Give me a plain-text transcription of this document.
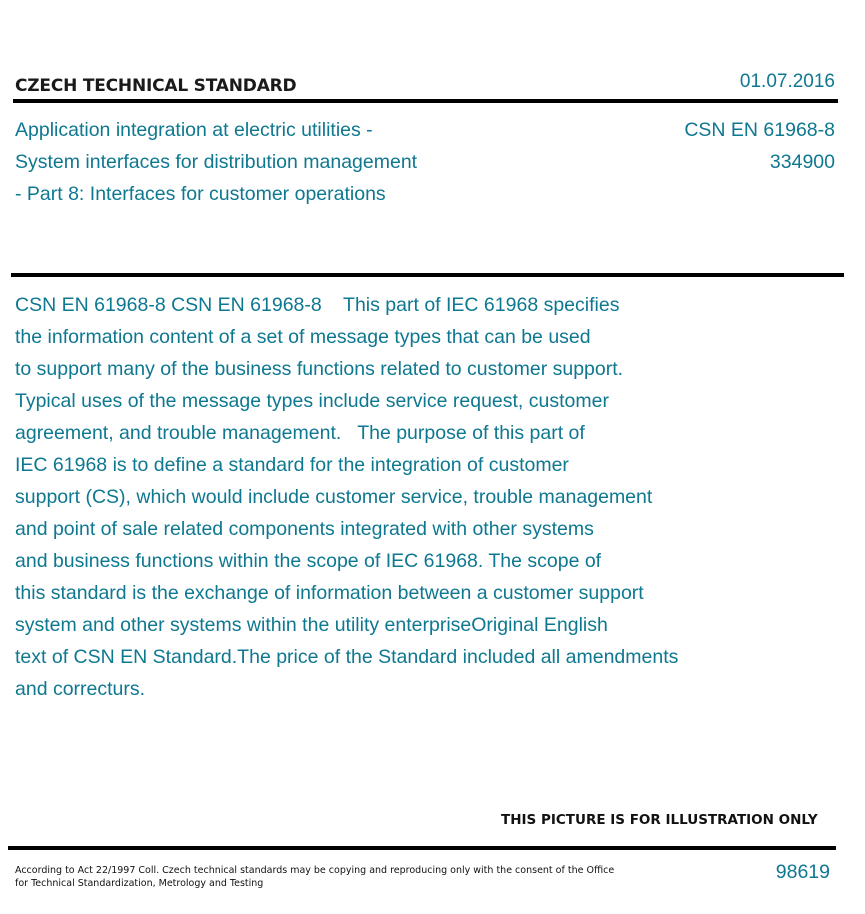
CZECH TECHNICAL STANDARD	01.07.2016
Application integration at electric utilities -
System interfaces for distribution management
- Part 8: Interfaces for customer operations
CSN EN 61968-8
334900
CSN EN 61968-8 CSN EN 61968-8    This part of IEC 61968 specifies
the information content of a set of message types that can be used
to support many of the business functions related to customer support.
Typical uses of the message types include service request, customer
agreement, and trouble management.   The purpose of this part of
IEC 61968 is to define a standard for the integration of customer
support (CS), which would include customer service, trouble management
and point of sale related components integrated with other systems
and business functions within the scope of IEC 61968. The scope of
this standard is the exchange of information between a customer support
system and other systems within the utility enterpriseOriginal English
text of CSN EN Standard.The price of the Standard included all amendments
and correcturs.
THIS PICTURE IS FOR ILLUSTRATION ONLY
According to Act 22/1997 Coll. Czech technical standards may be copying and reproducing only with the consent of the Office
for Technical Standardization, Metrology and Testing
98619
